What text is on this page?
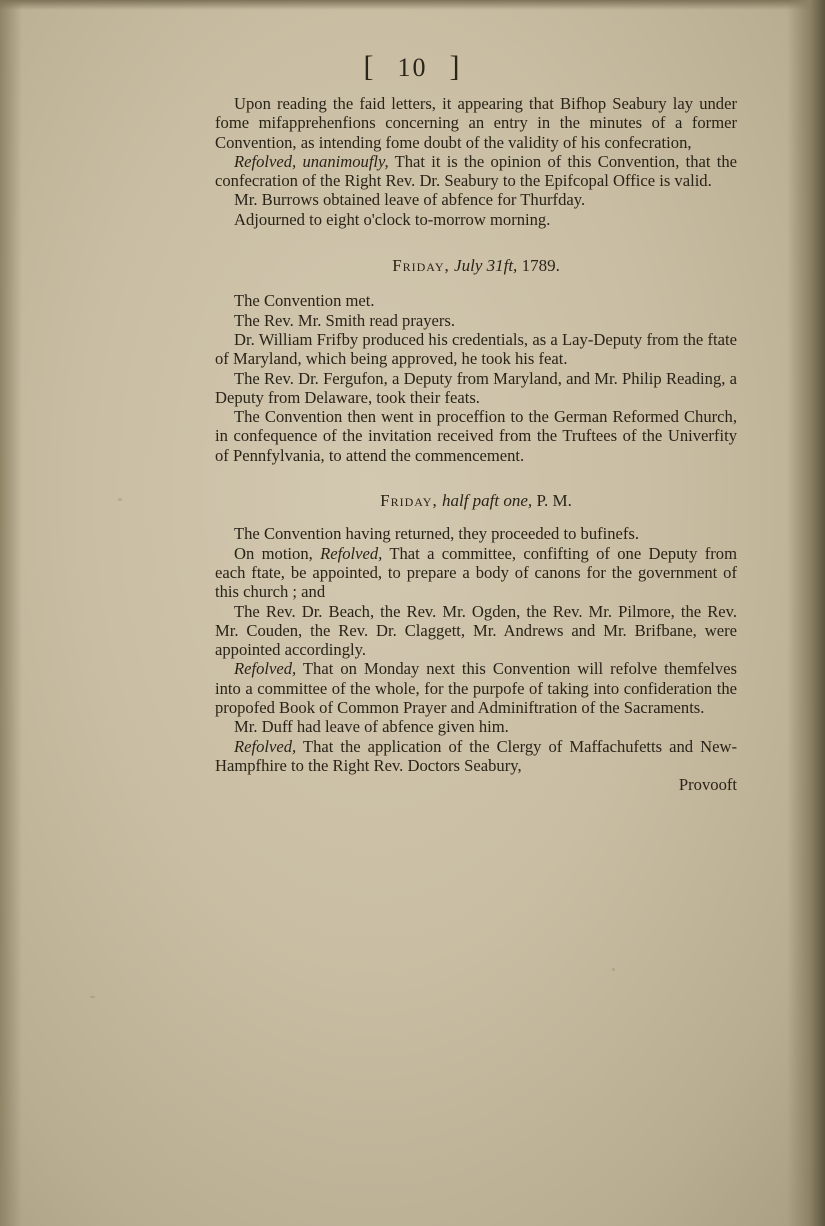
[ 10 ]

Upon reading the faid letters, it appearing that Bifhop Seabury lay under fome mifapprehenfions concerning an entry in the minutes of a former Convention, as intending fome doubt of the validity of his confecration,

Refolved, unanimoufly, That it is the opinion of this Convention, that the confecration of the Right Rev. Dr. Seabury to the Epifcopal Office is valid.

Mr. Burrows obtained leave of abfence for Thurfday.

Adjourned to eight o'clock to-morrow morning.

Friday, July 31ft, 1789.

The Convention met.

The Rev. Mr. Smith read prayers.

Dr. William Frifby produced his credentials, as a Lay-Deputy from the ftate of Maryland, which being approved, he took his feat.

The Rev. Dr. Fergufon, a Deputy from Maryland, and Mr. Philip Reading, a Deputy from Delaware, took their feats.

The Convention then went in proceffion to the German Reformed Church, in confequence of the invitation received from the Truftees of the Univerfity of Pennfylvania, to attend the commencement.

Friday, half paft one, P. M.

The Convention having returned, they proceeded to bufinefs.

On motion, Refolved, That a committee, confifting of one Deputy from each ftate, be appointed, to prepare a body of canons for the government of this church ; and

The Rev. Dr. Beach, the Rev. Mr. Ogden, the Rev. Mr. Pilmore, the Rev. Mr. Couden, the Rev. Dr. Claggett, Mr. Andrews and Mr. Brifbane, were appointed accordingly.

Refolved, That on Monday next this Convention will refolve themfelves into a committee of the whole, for the purpofe of taking into confideration the propofed Book of Common Prayer and Adminiftration of the Sacraments.

Mr. Duff had leave of abfence given him.

Refolved, That the application of the Clergy of Maffachufetts and New-Hampfhire to the Right Rev. Doctors Seabury,

Provooft
